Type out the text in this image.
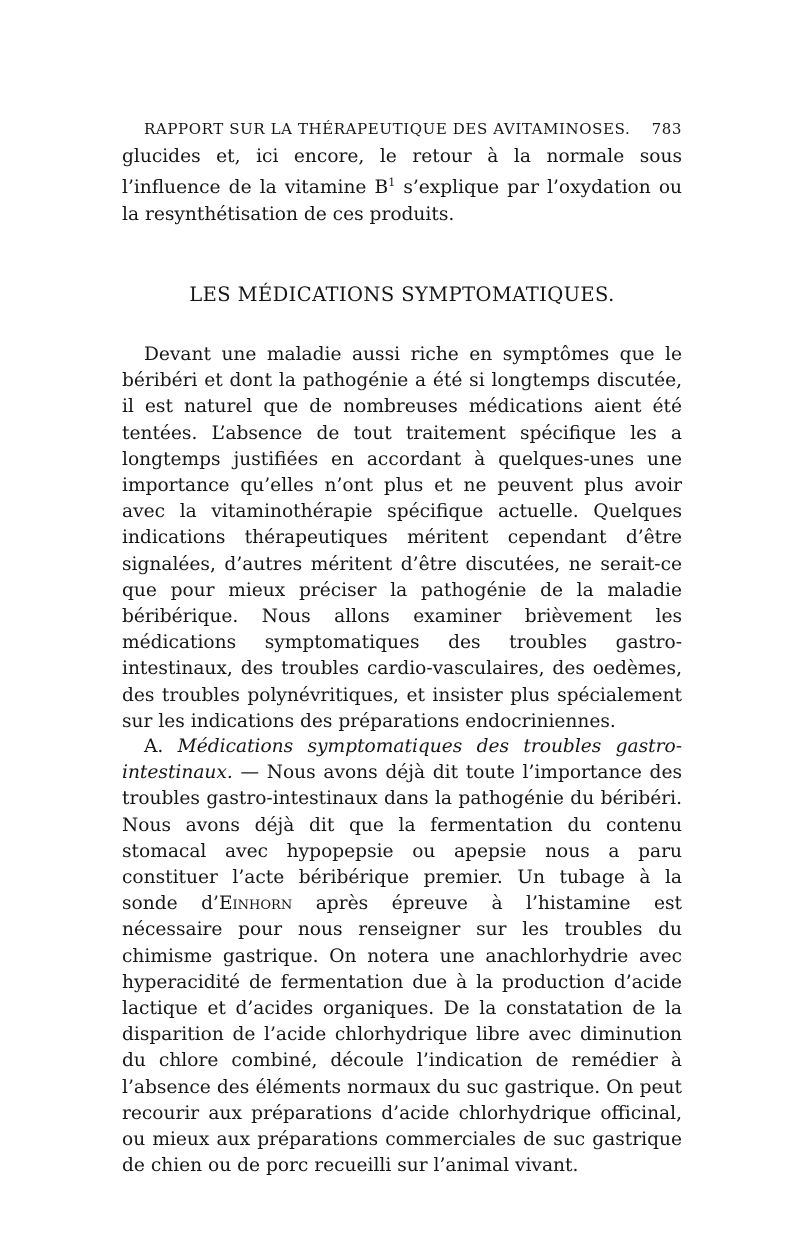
RAPPORT SUR LA THÉRAPEUTIQUE DES AVITAMINOSES. 783

glucides et, ici encore, le retour à la normale sous l’influence de la vitamine $B^1$ s’explique par l’oxydation ou la resynthétisation de ces produits.

LES MÉDICATIONS SYMPTOMATIQUES.

Devant une maladie aussi riche en symptômes que le béribéri et dont la pathogénie a été si longtemps discutée, il est naturel que de nombreuses médications aient été tentées. L’absence de tout traitement spécifique les a longtemps justifiées en accordant à quelques-unes une importance qu’elles n’ont plus et ne peuvent plus avoir avec la vitaminothérapie spécifique actuelle. Quelques indications thérapeutiques méritent cependant d’être signalées, d’autres méritent d’être discutées, ne serait-ce que pour mieux préciser la pathogénie de la maladie béribérique. Nous allons examiner brièvement les médications symptomatiques des troubles gastro-intestinaux, des troubles cardio-vasculaires, des oedèmes, des troubles polynévritiques, et insister plus spécialement sur les indications des préparations endocriniennes.

A. Médications symptomatiques des troubles gastro-intestinaux. — Nous avons déjà dit toute l’importance des troubles gastro-intestinaux dans la pathogénie du béribéri. Nous avons déjà dit que la fermentation du contenu stomacal avec hypopepsie ou apepsie nous a paru constituer l’acte béribérique premier. Un tubage à la sonde d’Einhorn après épreuve à l’histamine est nécessaire pour nous renseigner sur les troubles du chimisme gastrique. On notera une anachlorhydrie avec hyperacidité de fermentation due à la production d’acide lactique et d’acides organiques. De la constatation de la disparition de l’acide chlorhydrique libre avec diminution du chlore combiné, découle l’indication de remédier à l’absence des éléments normaux du suc gastrique. On peut recourir aux préparations d’acide chlorhydrique officinal, ou mieux aux préparations commerciales de suc gastrique de chien ou de porc recueilli sur l’animal vivant.
